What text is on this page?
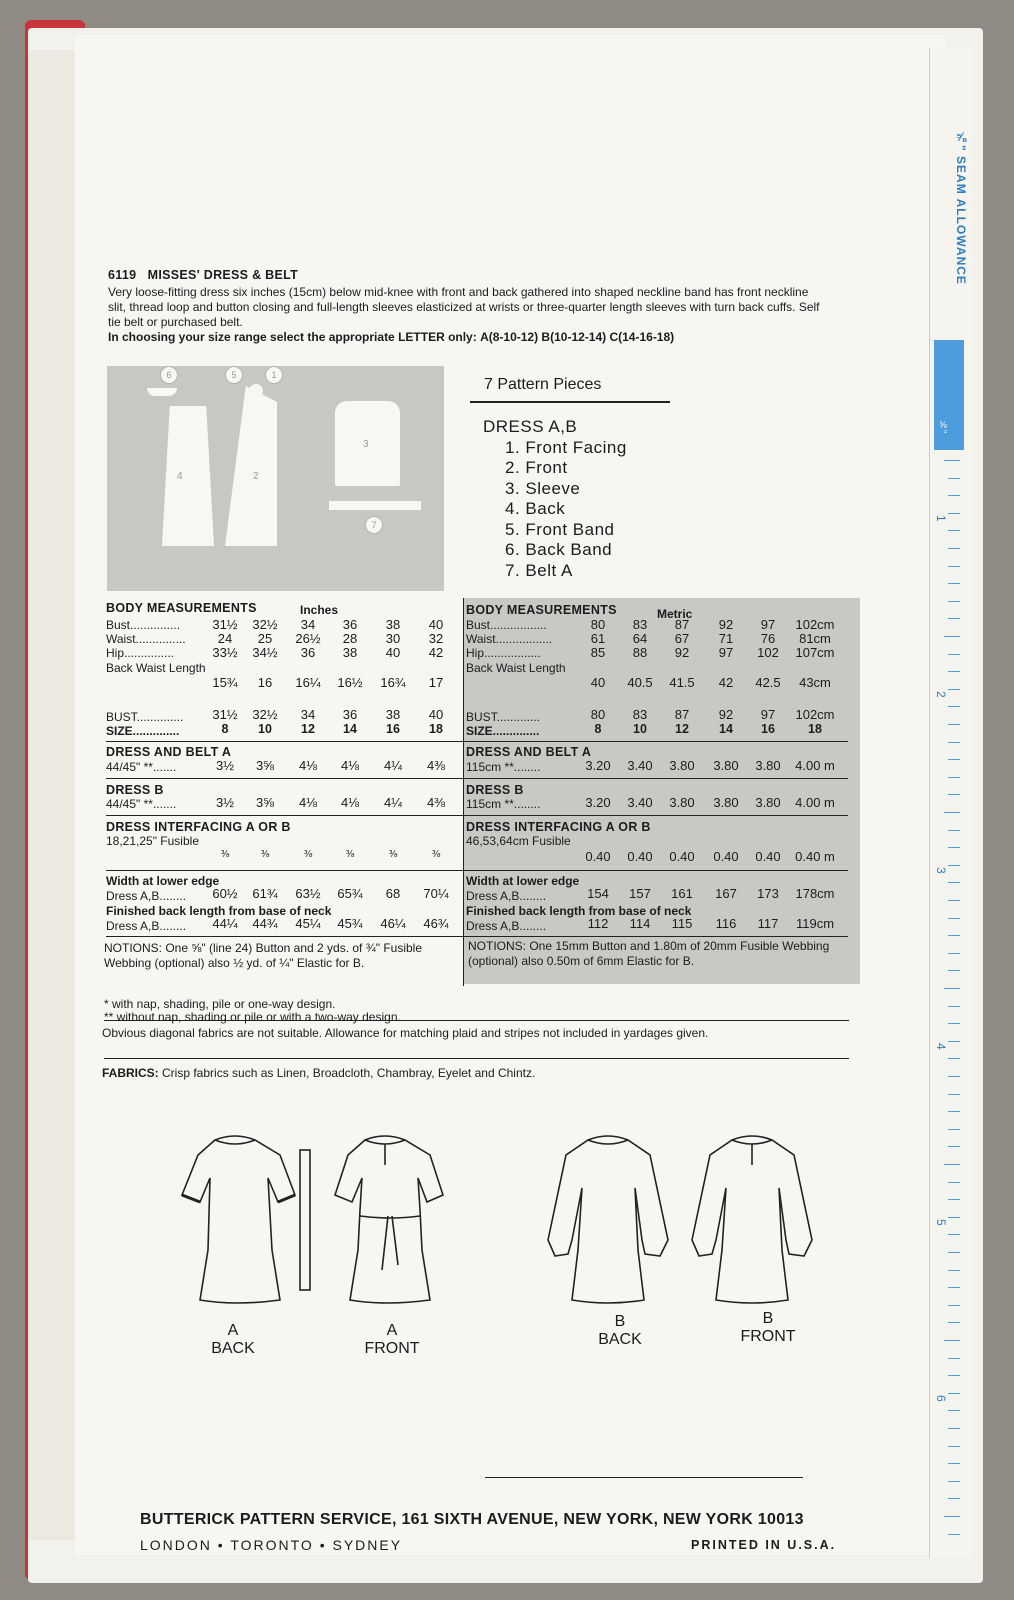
⅝" SEAM ALLOWANCE
⅝"
1
2
3
4
5
6
6119 MISSES' DRESS & BELT
Very loose-fitting dress six inches (15cm) below mid-knee with front and back gathered into shaped neckline band has front neckline slit, thread loop and button closing and full-length sleeves elasticized at wrists or three-quarter length sleeves with turn back cuffs. Self tie belt or purchased belt.
In choosing your size range select the appropriate LETTER only: A(8-10-12) B(10-12-14) C(14-16-18)
6	5	1
4	2
3
7
7 Pattern Pieces
DRESS A,B
1. Front Facing
2. Front
3. Sleeve
4. Back
5. Front Band
6. Back Band
7. Belt A
BODY MEASUREMENTS	Inches
Bust...............	31½	32½	34	36	38	40
Waist...............	24	25	26½	28	30	32
Hip...............	33½	34½	36	38	40	42
Back Waist Length
15¾	16	16¼	16½	16¾	17
BUST..............	31½	32½	34	36	38	40
SIZE..............	8	10	12	14	16	18
DRESS AND BELT A
44/45" **.......	3½	3⅝	4⅛	4⅛	4¼	4⅜
DRESS B
44/45" **.......	3½	3⅝	4⅛	4⅛	4¼	4⅜
DRESS INTERFACING A OR B
18,21,25" Fusible
⅜	⅜	⅜	⅜	⅜	⅜
Width at lower edge
Dress A,B........	60½	61¾	63½	65¾	68	70¼
Finished back length from base of neck
Dress A,B........	44¼	44¾	45¼	45¾	46¼	46¾
BODY MEASUREMENTS	Metric
Bust.................	80	83	87	92	97	102cm
Waist.................	61	64	67	71	76	81cm
Hip.................	85	88	92	97	102	107cm
Back Waist Length
40	40.5	41.5	42	42.5	43cm
BUST.............	80	83	87	92	97	102cm
SIZE..............	8	10	12	14	16	18
DRESS AND BELT A
115cm **........	3.20	3.40	3.80	3.80	3.80	4.00 m
DRESS B
115cm **........	3.20	3.40	3.80	3.80	3.80	4.00 m
DRESS INTERFACING A OR B
46,53,64cm Fusible
0.40	0.40	0.40	0.40	0.40	0.40 m
Width at lower edge
Dress A,B........	154	157	161	167	173	178cm
Finished back length from base of neck
Dress A,B........	112	114	115	116	117	119cm
NOTIONS: One ⅝" (line 24) Button and 2 yds. of ¾" Fusible Webbing (optional) also ½ yd. of ¼" Elastic for B.
NOTIONS: One 15mm Button and 1.80m of 20mm Fusible Webbing (optional) also 0.50m of 6mm Elastic for B.
* with nap, shading, pile or one-way design.
** without nap, shading or pile or with a two-way design.
Obvious diagonal fabrics are not suitable. Allowance for matching plaid and stripes not included in yardages given.
FABRICS: Crisp fabrics such as Linen, Broadcloth, Chambray, Eyelet and Chintz.
A
BACK
A
FRONT
B
BACK
B
FRONT
BUTTERICK PATTERN SERVICE, 161 SIXTH AVENUE, NEW YORK, NEW YORK 10013
LONDON • TORONTO • SYDNEY	PRINTED IN U.S.A.
